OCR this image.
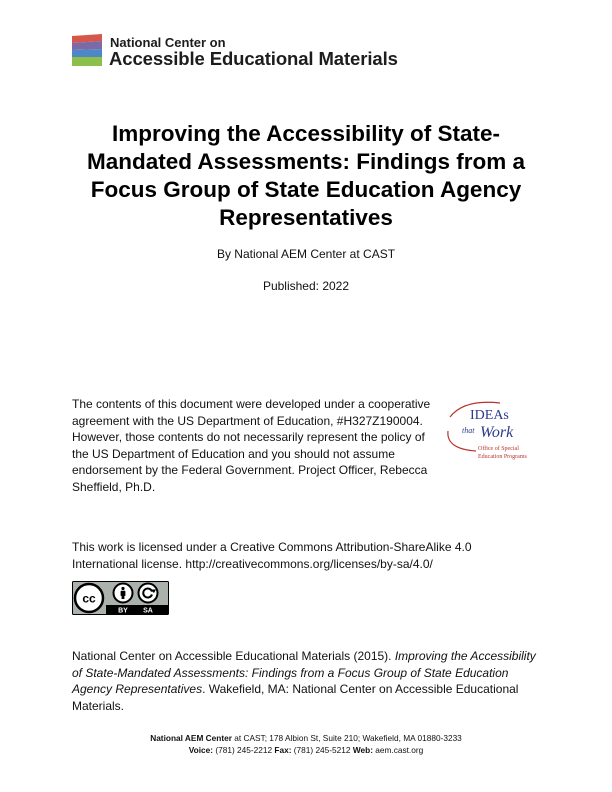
National Center on
Accessible Educational Materials
Improving the Accessibility of State-Mandated Assessments: Findings from a Focus Group of State Education Agency Representatives
By National AEM Center at CAST
Published: 2022

The contents of this document were developed under a cooperative agreement with the US Department of Education, #H327Z190004. However, those contents do not necessarily represent the policy of the US Department of Education and you should not assume endorsement by the Federal Government. Project Officer, Rebecca Sheffield, Ph.D.

IDEAs
that Work
Office of Special
Education Programs

This work is licensed under a Creative Commons Attribution-ShareAlike 4.0 International license. http://creativecommons.org/licenses/by-sa/4.0/

cc
BY SA

National Center on Accessible Educational Materials (2015). Improving the Accessibility of State-Mandated Assessments: Findings from a Focus Group of State Education Agency Representatives. Wakefield, MA: National Center on Accessible Educational Materials.

National AEM Center at CAST; 178 Albion St, Suite 210; Wakefield, MA 01880-3233
Voice: (781) 245-2212 Fax: (781) 245-5212 Web: aem.cast.org
